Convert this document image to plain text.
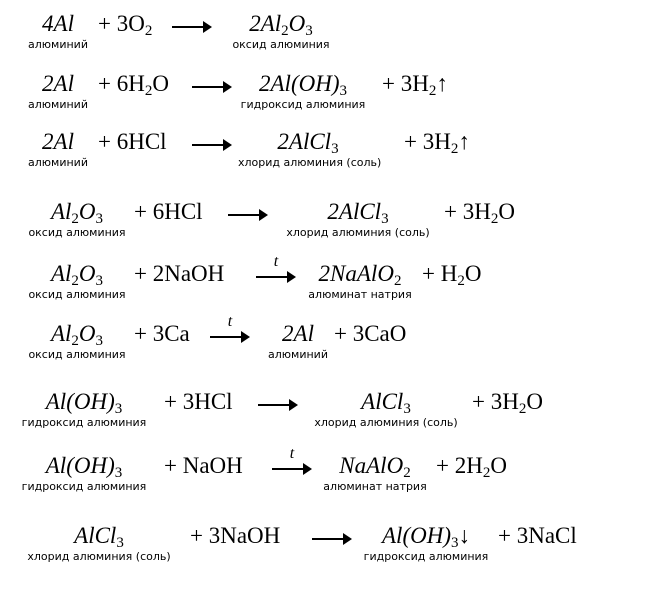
4Al
алюминий
+ $3O_2$	$2Al_2O_3$
оксид алюминия
2Al
алюминий
+ $6H_2O$	$2Al(OH)_3$
гидроксид алюминия
+ $3H_2↑$
2Al
алюминий
+ 6HCl	2AlCl$_3$
хлорид алюминия (соль)
+ $3H_2↑$
$Al_2O_3$
оксид алюминия
+ 6HCl	2AlCl$_3$
хлорид алюминия (соль)
+ $3H_2O$
$Al_2O_3$
оксид алюминия
+ 2NaOH	t	2NaAlO$_2$
алюминат натрия
+ $H_2O$
$Al_2O_3$
оксид алюминия
+ 3Ca	t	2Al
алюминий
+ 3CaO
$Al(OH)_3$
гидроксид алюминия
+ 3HCl	AlCl$_3$
хлорид алюминия (соль)
+ $3H_2O$
$Al(OH)_3$
гидроксид алюминия
+ NaOH	t	NaAlO$_2$
алюминат натрия
+ $2H_2O$
AlCl$_3$
хлорид алюминия (соль)
+ 3NaOH	$Al(OH)_3↓$
гидроксид алюминия
+ 3NaCl
